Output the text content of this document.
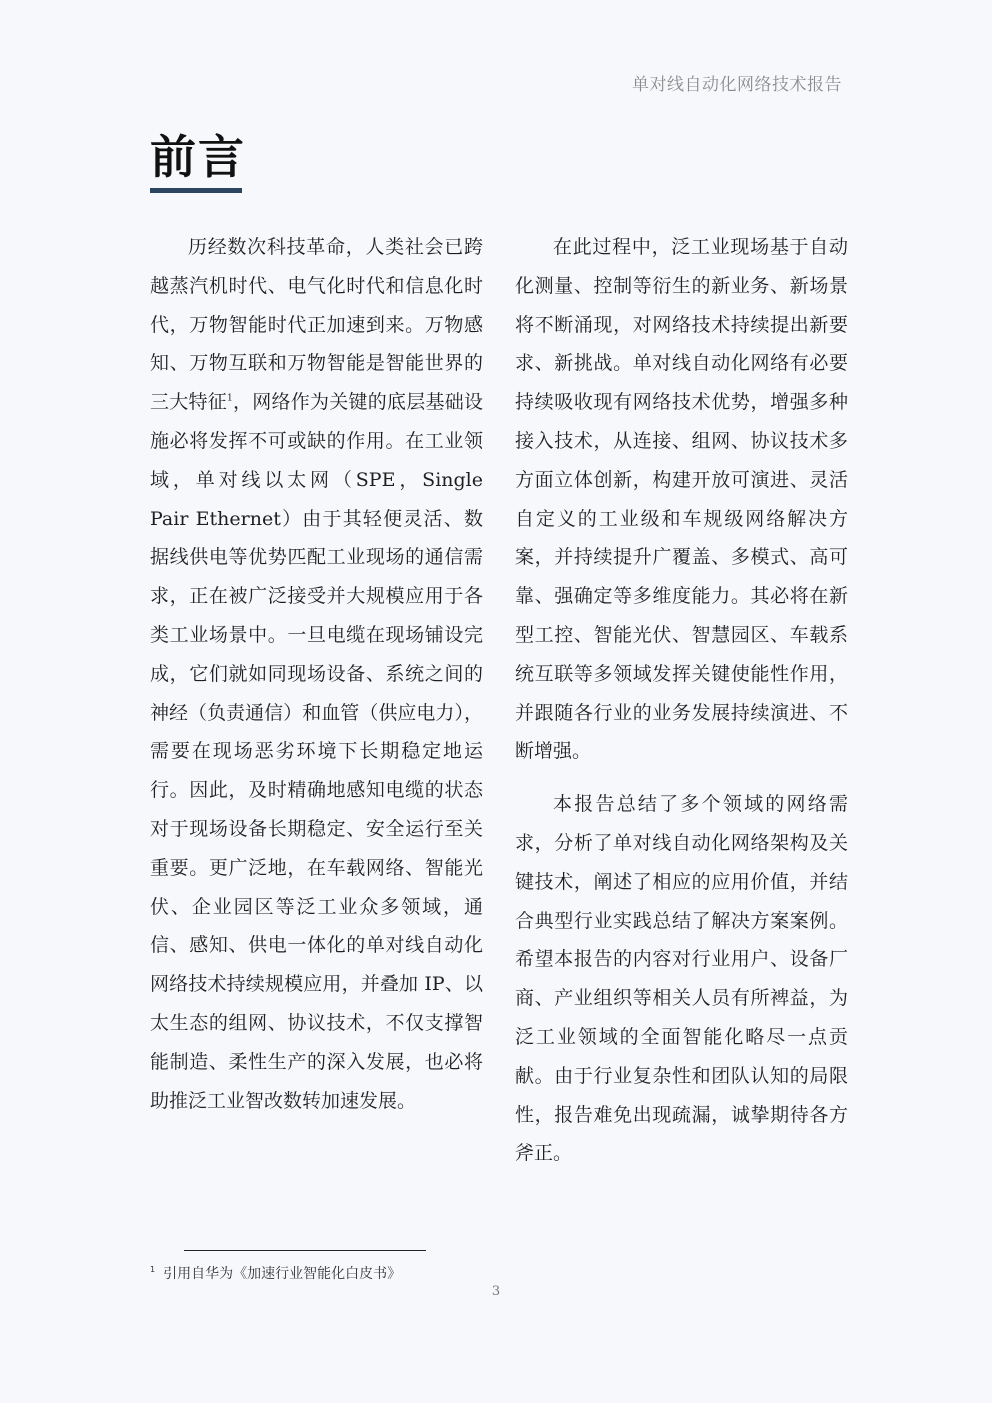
单对线自动化网络技术报告
前言

历经数次科技革命，人类社会已跨越蒸汽机时代、电气化时代和信息化时代，万物智能时代正加速到来。万物感知、万物互联和万物智能是智能世界的三大特征$^1$，网络作为关键的底层基础设施必将发挥不可或缺的作用。在工业领域，单对线以太网（SPE，Single Pair Ethernet）由于其轻便灵活、数据线供电等优势匹配工业现场的通信需求，正在被广泛接受并大规模应用于各类工业场景中。一旦电缆在现场铺设完成，它们就如同现场设备、系统之间的神经（负责通信）和血管（供应电力），需要在现场恶劣环境下长期稳定地运行。因此，及时精确地感知电缆的状态对于现场设备长期稳定、安全运行至关重要。更广泛地，在车载网络、智能光伏、企业园区等泛工业众多领域，通信、感知、供电一体化的单对线自动化网络技术持续规模应用，并叠加 IP、以太生态的组网、协议技术，不仅支撑智能制造、柔性生产的深入发展，也必将助推泛工业智改数转加速发展。

在此过程中，泛工业现场基于自动化测量、控制等衍生的新业务、新场景将不断涌现，对网络技术持续提出新要求、新挑战。单对线自动化网络有必要持续吸收现有网络技术优势，增强多种接入技术，从连接、组网、协议技术多方面立体创新，构建开放可演进、灵活自定义的工业级和车规级网络解决方案，并持续提升广覆盖、多模式、高可靠、强确定等多维度能力。其必将在新型工控、智能光伏、智慧园区、车载系统互联等多领域发挥关键使能性作用，并跟随各行业的业务发展持续演进、不断增强。

本报告总结了多个领域的网络需求，分析了单对线自动化网络架构及关键技术，阐述了相应的应用价值，并结合典型行业实践总结了解决方案案例。希望本报告的内容对行业用户、设备厂商、产业组织等相关人员有所裨益，为泛工业领域的全面智能化略尽一点贡献。由于行业复杂性和团队认知的局限性，报告难免出现疏漏，诚挚期待各方斧正。

$^1$ 引用自华为《加速行业智能化白皮书》
3
